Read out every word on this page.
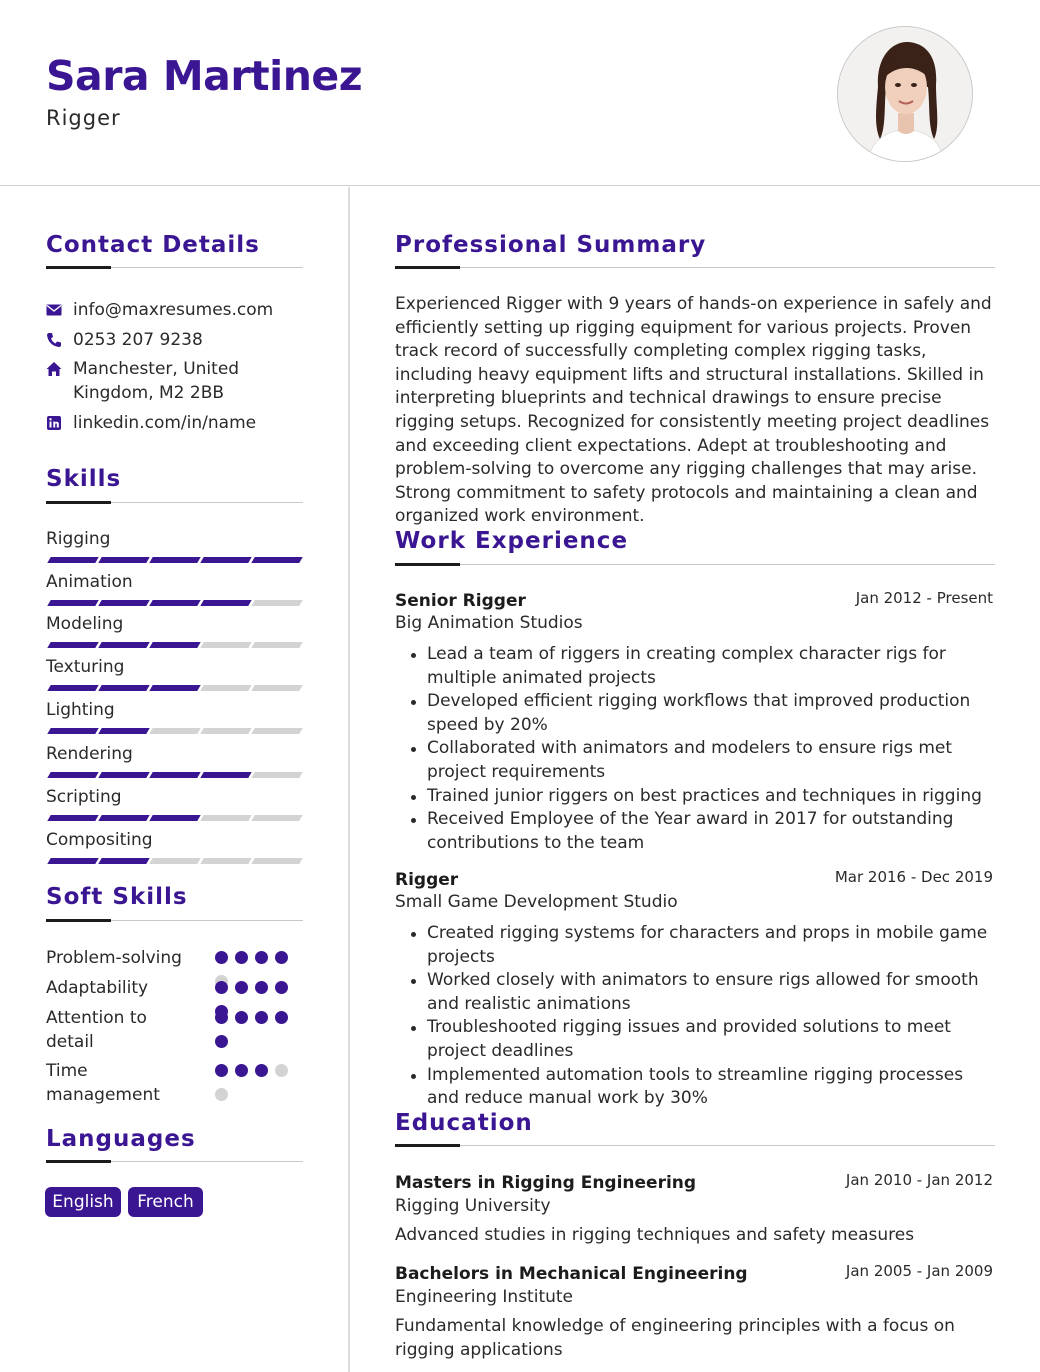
Sara Martinez
Rigger
Contact Details
info@maxresumes.com
0253 207 9238
Manchester, United
Kingdom, M2 2BB
linkedin.com/in/name
Skills
Rigging
Animation
Modeling
Texturing
Lighting
Rendering
Scripting
Compositing
Soft Skills
Problem-solving
Adaptability
Attention to
detail
Time
management
Languages
English	French
Professional Summary
Experienced Rigger with 9 years of hands-on experience in safely and efficiently setting up rigging equipment for various projects. Proven track record of successfully completing complex rigging tasks, including heavy equipment lifts and structural installations. Skilled in interpreting blueprints and technical drawings to ensure precise rigging setups. Recognized for consistently meeting project deadlines and exceeding client expectations. Adept at troubleshooting and problem-solving to overcome any rigging challenges that may arise. Strong commitment to safety protocols and maintaining a clean and organized work environment.
Work Experience
Senior Rigger	Jan 2012 - Present
Big Animation Studios
Lead a team of riggers in creating complex character rigs for multiple animated projects
Developed efficient rigging workflows that improved production speed by 20%
Collaborated with animators and modelers to ensure rigs met project requirements
Trained junior riggers on best practices and techniques in rigging
Received Employee of the Year award in 2017 for outstanding contributions to the team
Rigger	Mar 2016 - Dec 2019
Small Game Development Studio
Created rigging systems for characters and props in mobile game projects
Worked closely with animators to ensure rigs allowed for smooth and realistic animations
Troubleshooted rigging issues and provided solutions to meet project deadlines
Implemented automation tools to streamline rigging processes and reduce manual work by 30%
Education
Masters in Rigging Engineering	Jan 2010 - Jan 2012
Rigging University
Advanced studies in rigging techniques and safety measures
Bachelors in Mechanical Engineering	Jan 2005 - Jan 2009
Engineering Institute
Fundamental knowledge of engineering principles with a focus on rigging applications
